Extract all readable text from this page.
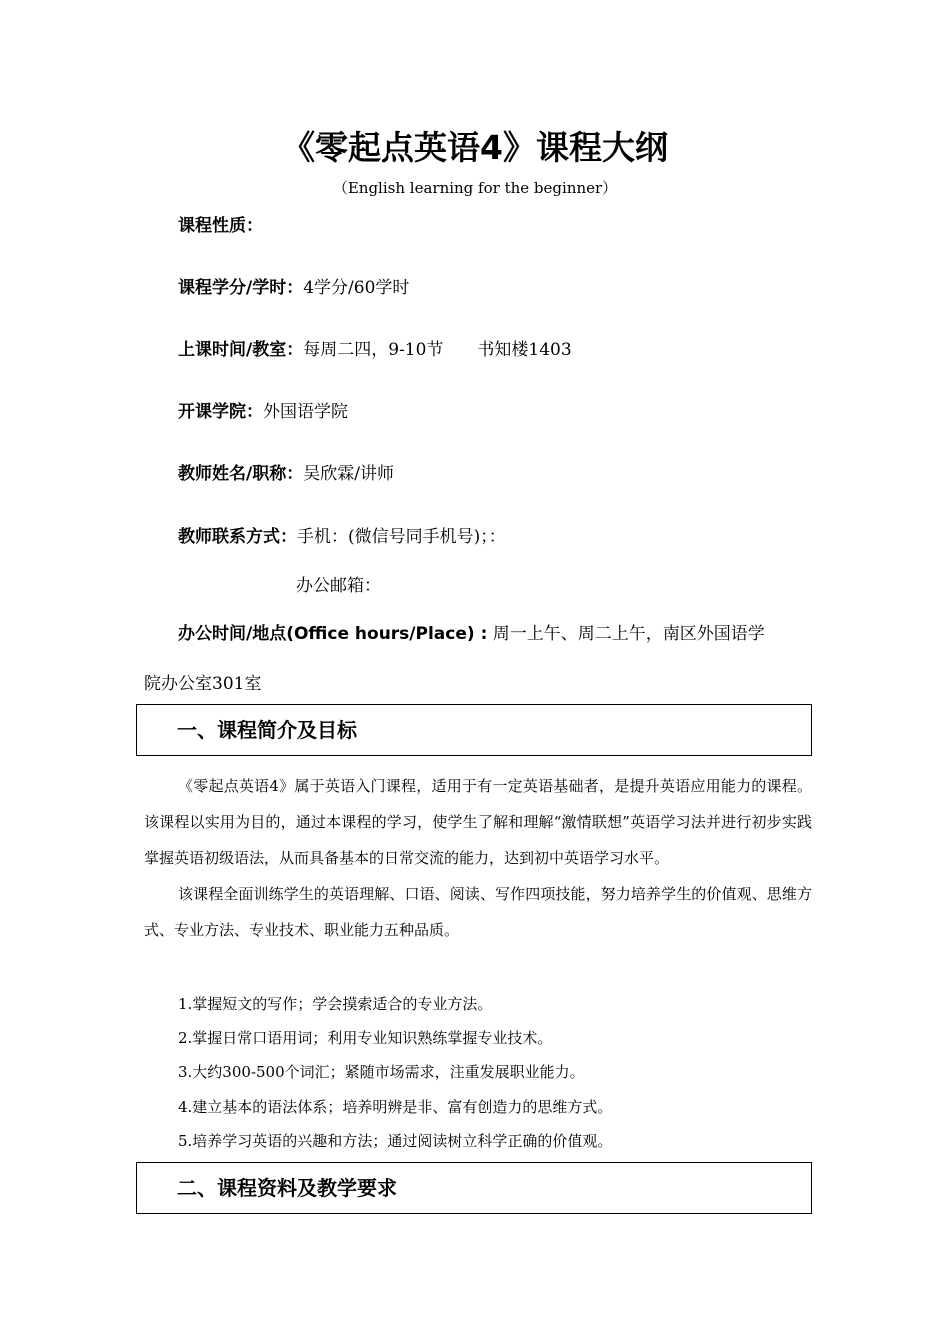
《零起点英语4》课程大纲
（English learning for the beginner）
课程性质：
课程学分/学时：4学分/60学时
上课时间/教室：每周二四，9-10节　　书知楼1403
开课学院：外国语学院
教师姓名/职称：吴欣霖/讲师
教师联系方式：手机：(微信号同手机号)；：
办公邮箱：
办公时间/地点(Office hours/Place) : 周一上午、周二上午，南区外国语学
院办公室301室
一、课程简介及目标

《零起点英语4》属于英语入门课程，适用于有一定英语基础者，是提升英语应用能力的课程。该课程以实用为目的，通过本课程的学习，使学生了解和理解“激情联想”英语学习法并进行初步实践掌握英语初级语法，从而具备基本的日常交流的能力，达到初中英语学习水平。

该课程全面训练学生的英语理解、口语、阅读、写作四项技能，努力培养学生的价值观、思维方式、专业方法、专业技术、职业能力五种品质。

1.掌握短文的写作；学会摸索适合的专业方法。
2.掌握日常口语用词；利用专业知识熟练掌握专业技术。
3.大约300-500个词汇；紧随市场需求，注重发展职业能力。
4.建立基本的语法体系；培养明辨是非、富有创造力的思维方式。
5.培养学习英语的兴趣和方法；通过阅读树立科学正确的价值观。
二、课程资料及教学要求
